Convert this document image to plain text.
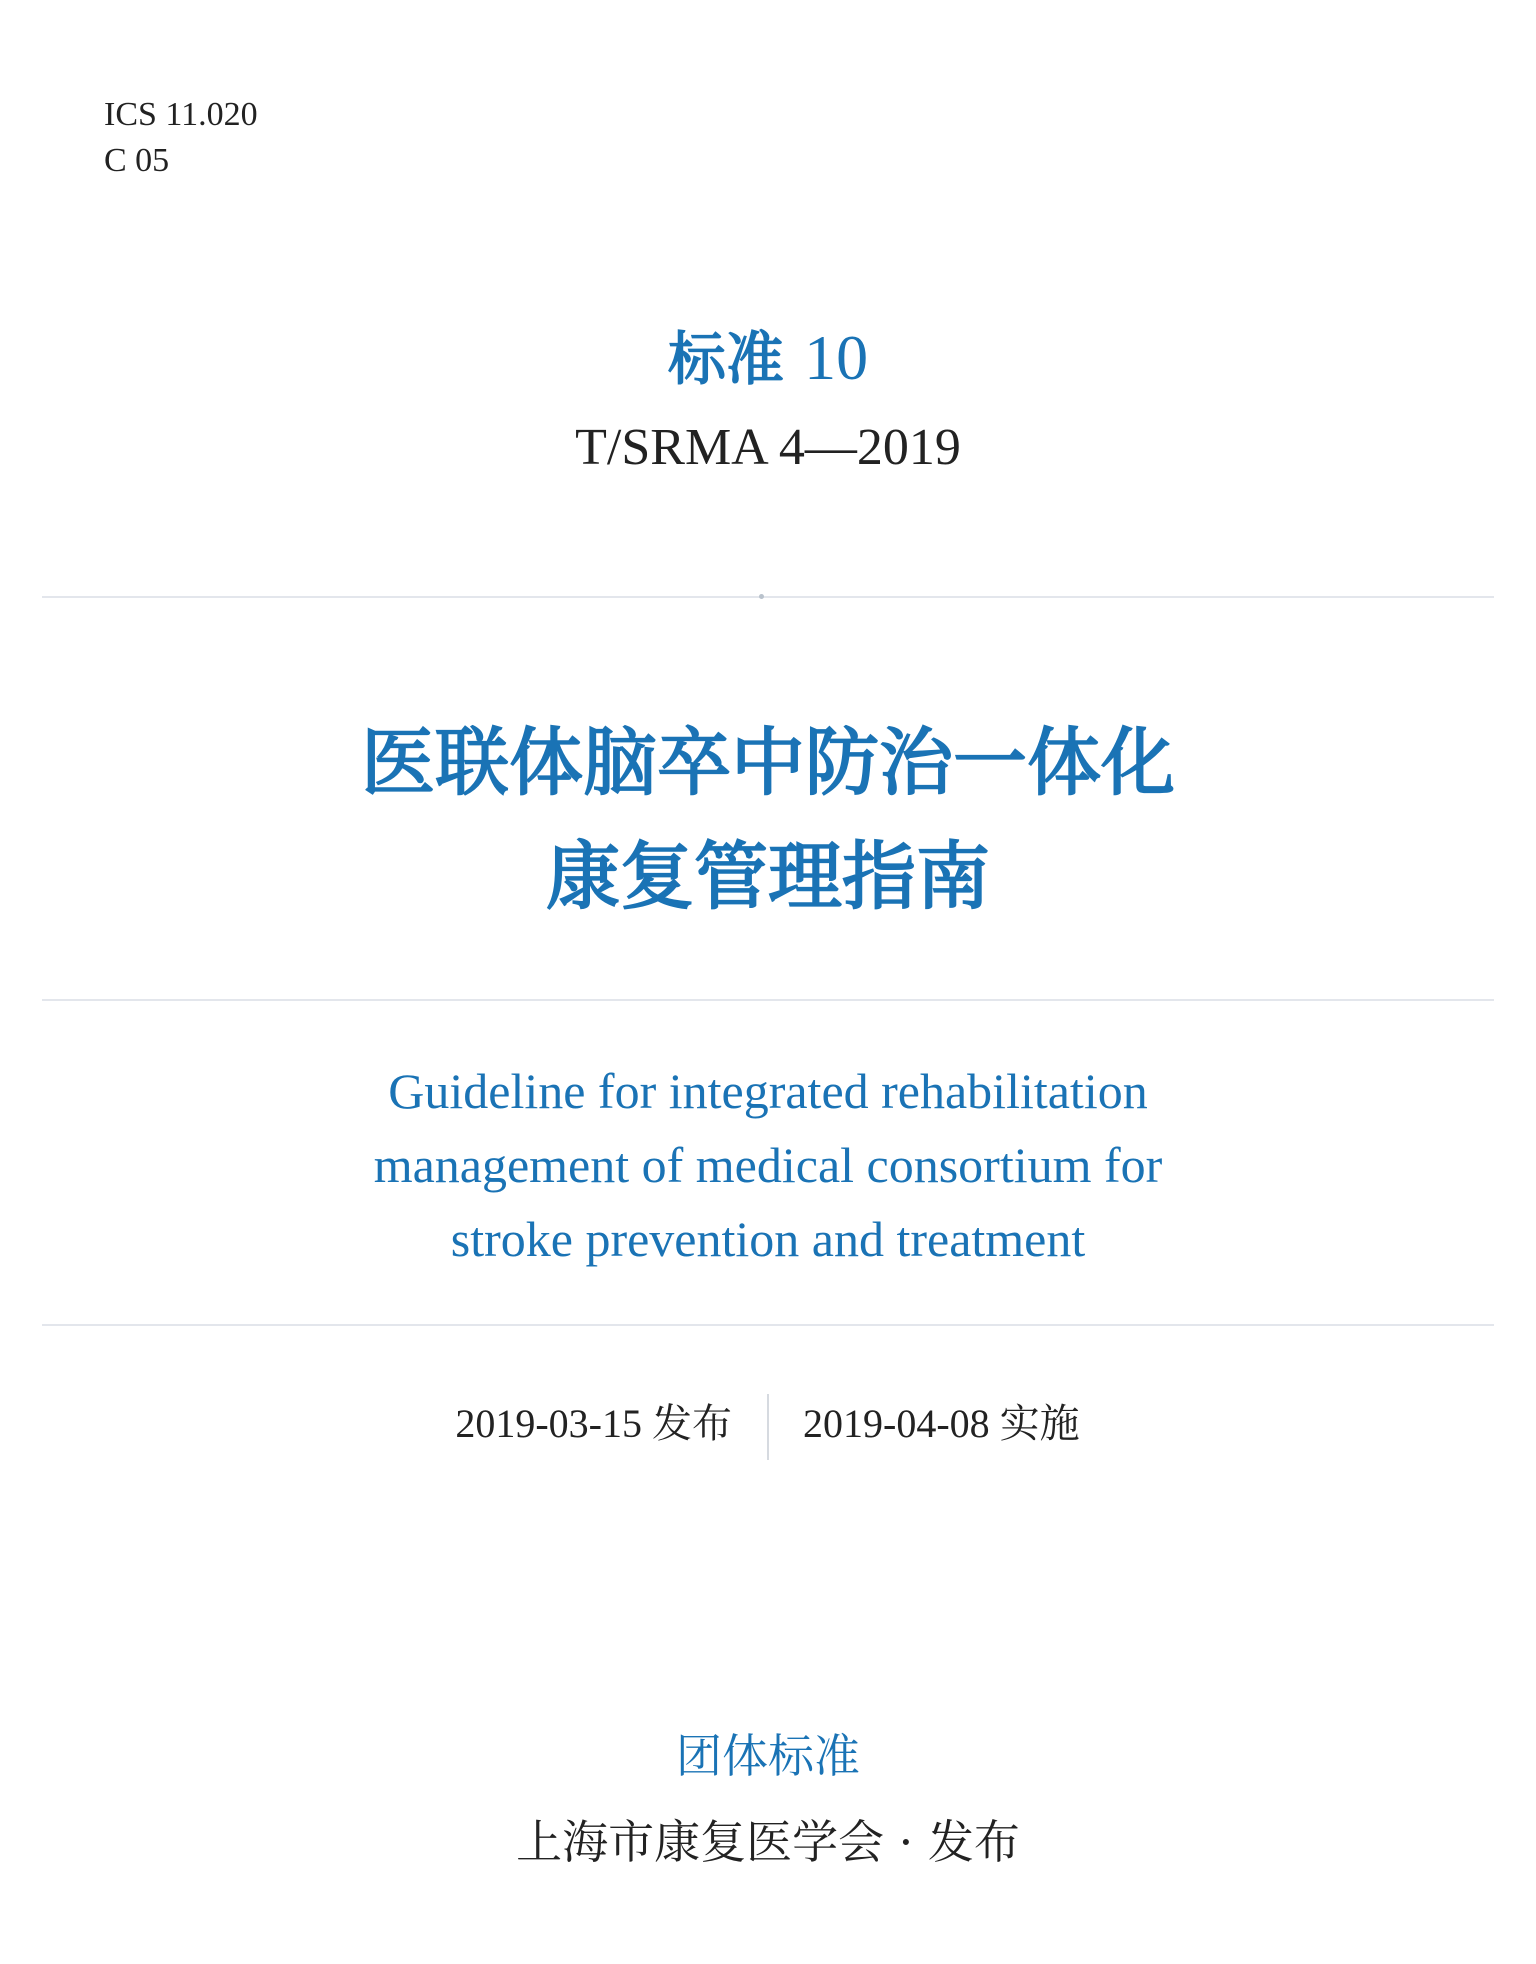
ICS 11.020
C 05
标准 10
T/SRMA 4—2019
医联体脑卒中防治一体化
康复管理指南
Guideline for integrated rehabilitation
management of medical consortium for
stroke prevention and treatment
2019-03-15 发布 2019-04-08 实施
团体标准
上海市康复医学会 · 发布
